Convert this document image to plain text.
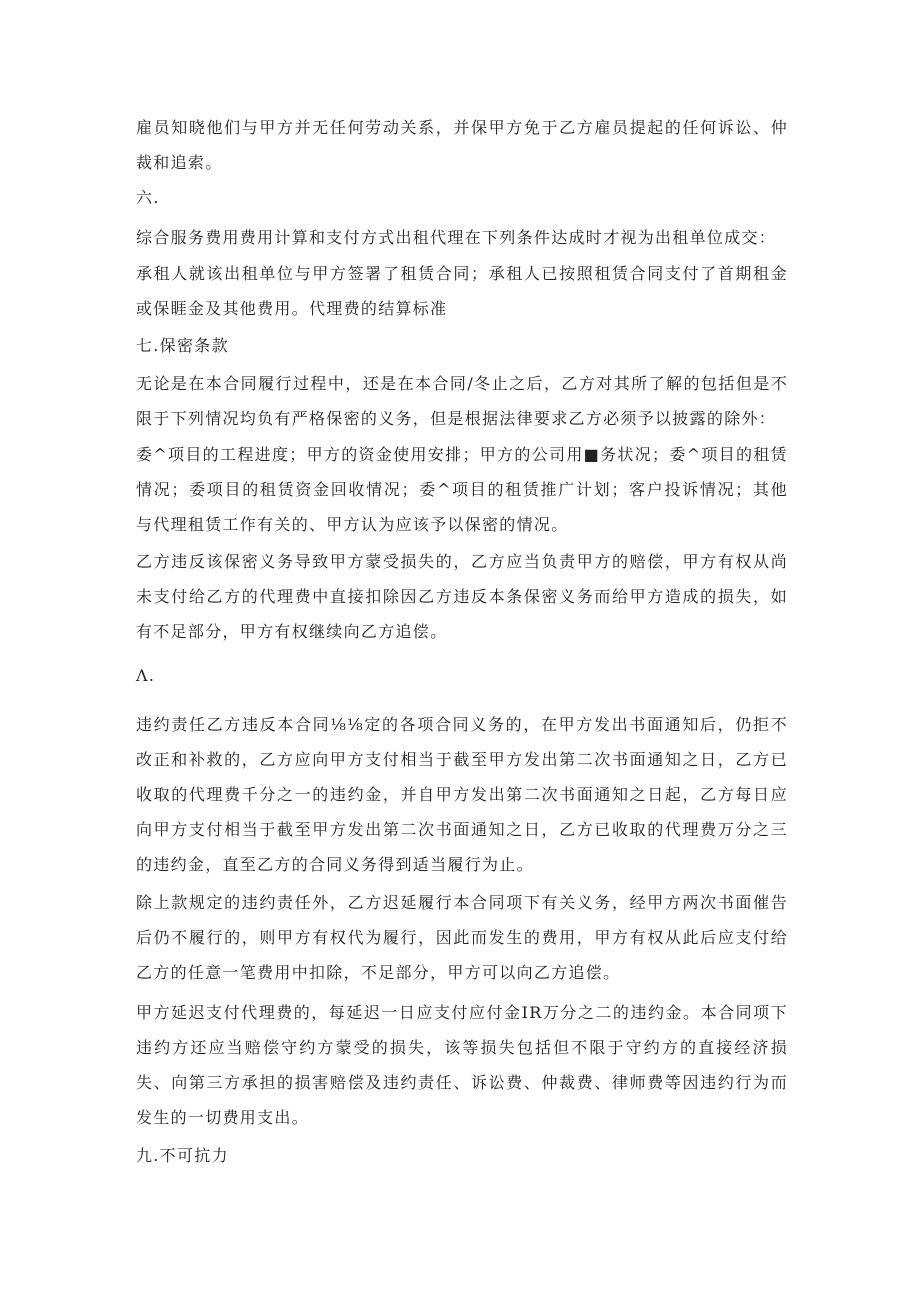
雇员知晓他们与甲方并无任何劳动关系，并保甲方免于乙方雇员提起的任何诉讼、仲裁和追索。

六.

综合服务费用费用计算和支付方式出租代理在下列条件达成时才视为出租单位成交：

承租人就该出租单位与甲方签署了租赁合同；承租人已按照租赁合同支付了首期租金或保睚金及其他费用。代理费的结算标准

七.保密条款

无论是在本合同履行过程中，还是在本合同/冬止之后，乙方对其所了解的包括但是不限于下列情况均负有严格保密的义务，但是根据法律要求乙方必须予以披露的除外：

委^项目的工程进度；甲方的资金使用安排；甲方的公司用■务状况；委^项目的租赁情况；委项目的租赁资金回收情况；委^项目的租赁推广计划；客户投诉情况；其他与代理租赁工作有关的、甲方认为应该予以保密的情况。

乙方违反该保密义务导致甲方蒙受损失的，乙方应当负责甲方的赔偿，甲方有权从尚未支付给乙方的代理费中直接扣除因乙方违反本条保密义务而给甲方造成的损失，如有不足部分，甲方有权继续向乙方追偿。

Λ.

违约责任乙方违反本合同⅛⅛定的各项合同义务的，在甲方发出书面通知后，仍拒不改正和补救的，乙方应向甲方支付相当于截至甲方发出第二次书面通知之日，乙方已收取的代理费千分之一的违约金，并自甲方发出第二次书面通知之日起，乙方每日应向甲方支付相当于截至甲方发出第二次书面通知之日，乙方已收取的代理费万分之三的违约金，直至乙方的合同义务得到适当履行为止。

除上款规定的违约责任外，乙方迟延履行本合同项下有关义务，经甲方两次书面催告后仍不履行的，则甲方有权代为履行，因此而发生的费用，甲方有权从此后应支付给乙方的任意一笔费用中扣除，不足部分，甲方可以向乙方追偿。

甲方延迟支付代理费的，每延迟一日应支付应付金IR万分之二的违约金。本合同项下违约方还应当赔偿守约方蒙受的损失，该等损失包括但不限于守约方的直接经济损失、向第三方承担的损害赔偿及违约责任、诉讼费、仲裁费、律师费等因违约行为而发生的一切费用支出。

九.不可抗力
